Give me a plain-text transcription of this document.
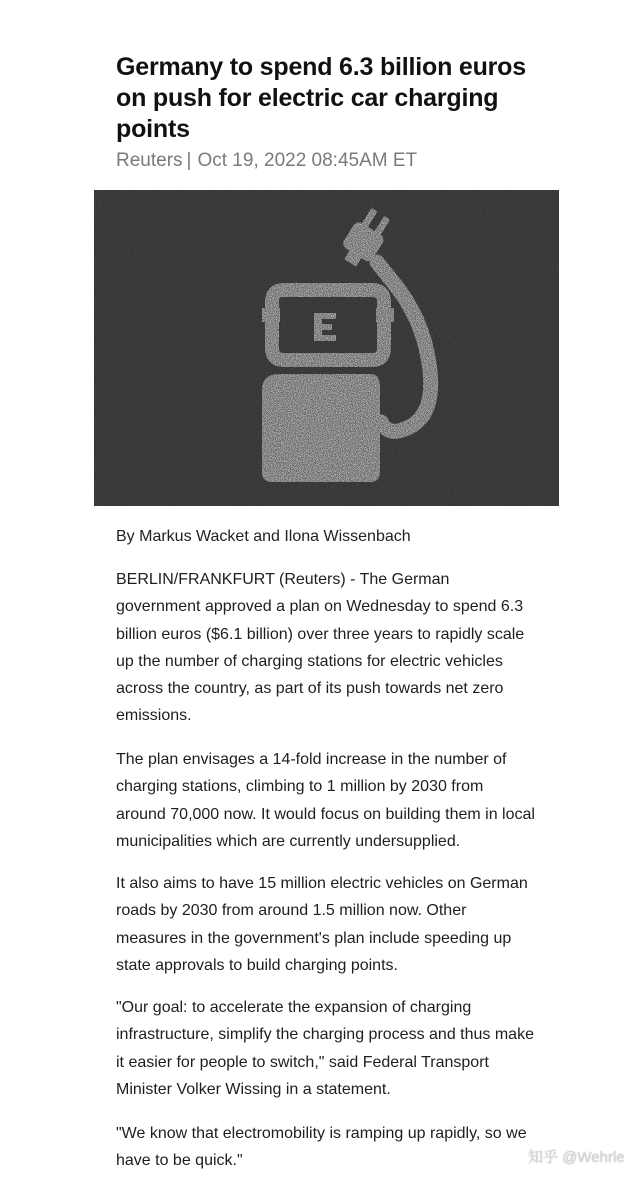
Germany to spend 6.3 billion euros on push for electric car charging points
Reuters | Oct 19, 2022 08:45AM ET
By Markus Wacket and Ilona Wissenbach

BERLIN/FRANKFURT (Reuters) - The German government approved a plan on Wednesday to spend 6.3 billion euros ($6.1 billion) over three years to rapidly scale up the number of charging stations for electric vehicles across the country, as part of its push towards net zero emissions.

The plan envisages a 14-fold increase in the number of charging stations, climbing to 1 million by 2030 from around 70,000 now. It would focus on building them in local municipalities which are currently undersupplied.

It also aims to have 15 million electric vehicles on German roads by 2030 from around 1.5 million now. Other measures in the government's plan include speeding up state approvals to build charging points.

"Our goal: to accelerate the expansion of charging infrastructure, simplify the charging process and thus make it easier for people to switch," said Federal Transport Minister Volker Wissing in a statement.

"We know that electromobility is ramping up rapidly, so we have to be quick."	知乎 @Wehrle
